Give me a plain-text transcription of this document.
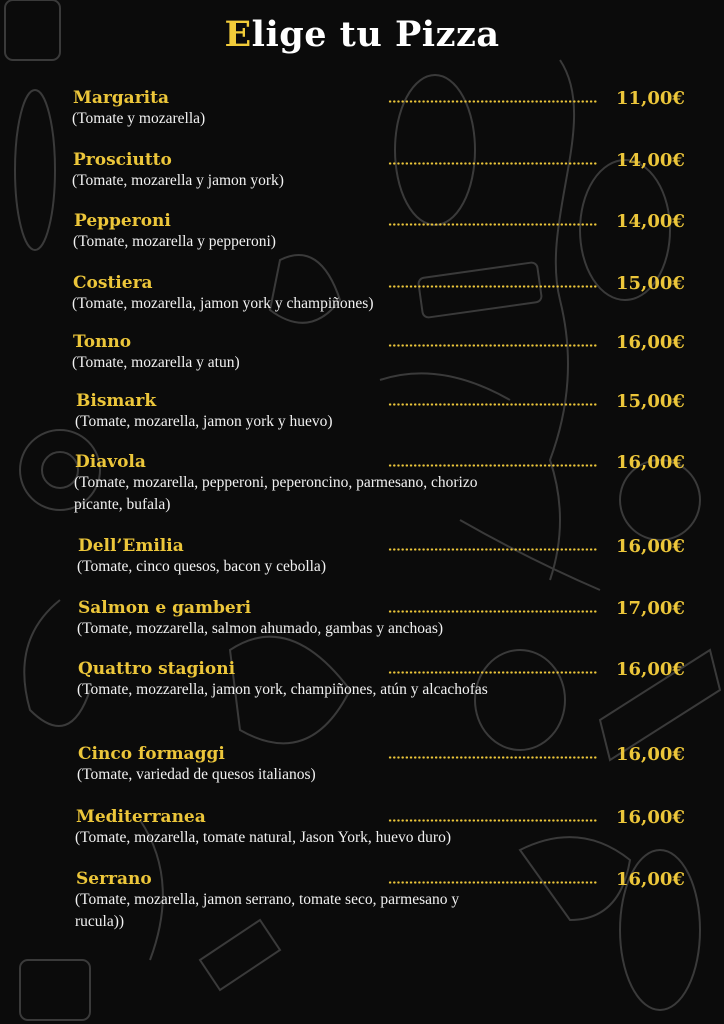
Elige tu Pizza
Margarita
(Tomate y mozarella)
11,00€
Prosciutto
(Tomate, mozarella y jamon york)
14,00€
Pepperoni
(Tomate, mozarella y pepperoni)
14,00€
Costiera
(Tomate, mozarella, jamon york y champiñones)
15,00€
Tonno
(Tomate, mozarella y atun)
16,00€
Bismark
(Tomate, mozarella, jamon york y huevo)
15,00€
Diavola
(Tomate, mozarella, pepperoni, peperoncino, parmesano, chorizo picante, bufala)
16,00€
Dell’Emilia
(Tomate, cinco quesos, bacon y cebolla)
16,00€
Salmon e gamberi
(Tomate, mozzarella, salmon ahumado, gambas y anchoas)
17,00€
Quattro stagioni
(Tomate, mozzarella, jamon york, champiñones, atún y alcachofas
16,00€
Cinco formaggi
(Tomate, variedad de quesos italianos)
16,00€
Mediterranea
(Tomate, mozarella, tomate natural, Jason York, huevo duro)
16,00€
Serrano
(Tomate, mozarella, jamon serrano, tomate seco, parmesano y rucula))
16,00€
